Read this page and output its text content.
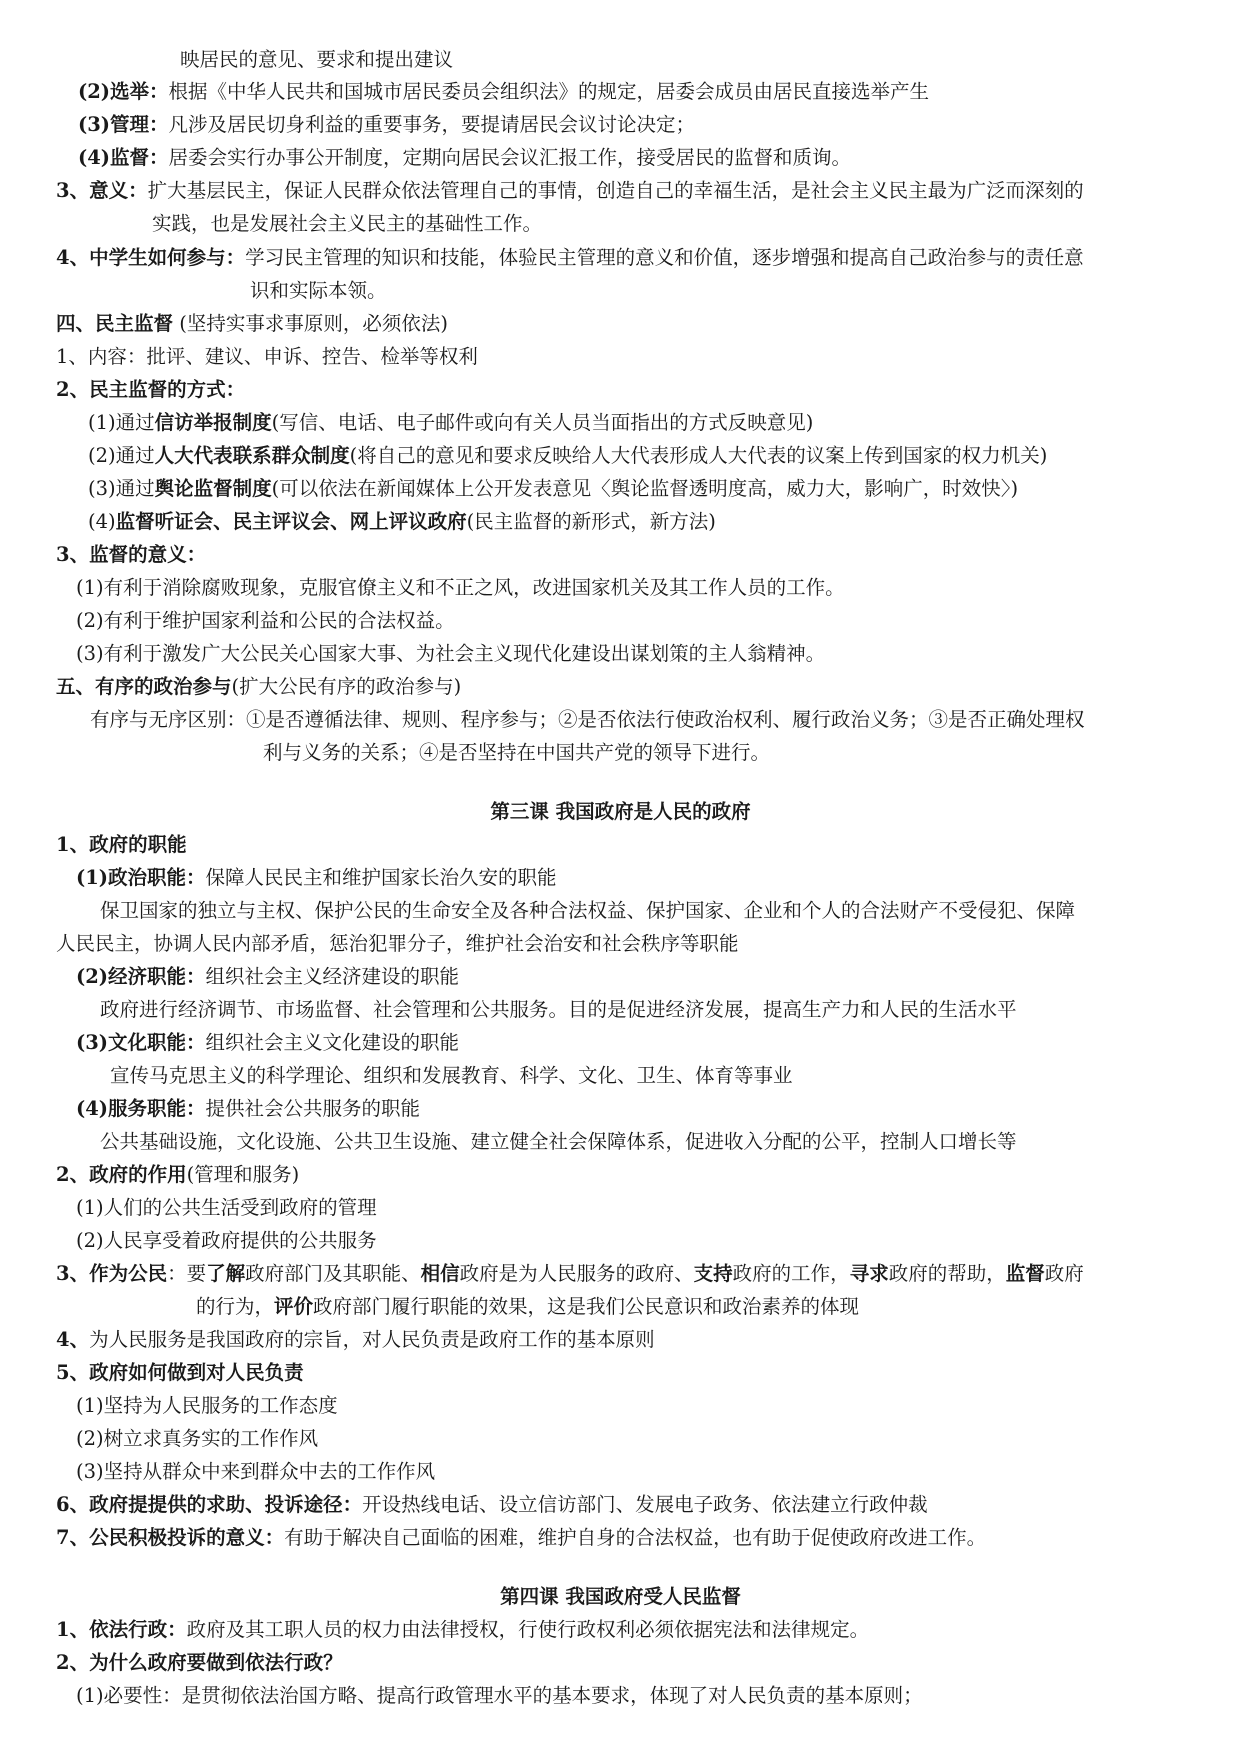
映居民的意见、要求和提出建议
(2)选举：根据《中华人民共和国城市居民委员会组织法》的规定，居委会成员由居民直接选举产生
(3)管理：凡涉及居民切身利益的重要事务，要提请居民会议讨论决定；
(4)监督：居委会实行办事公开制度，定期向居民会议汇报工作，接受居民的监督和质询。
3、意义：扩大基层民主，保证人民群众依法管理自己的事情，创造自己的幸福生活，是社会主义民主最为广泛而深刻的
实践，也是发展社会主义民主的基础性工作。
4、中学生如何参与：学习民主管理的知识和技能，体验民主管理的意义和价值，逐步增强和提高自己政治参与的责任意
识和实际本领。
四、民主监督 (坚持实事求事原则，必须依法)
1、内容：批评、建议、申诉、控告、检举等权利
2、民主监督的方式：
(1)通过信访举报制度(写信、电话、电子邮件或向有关人员当面指出的方式反映意见)
(2)通过人大代表联系群众制度(将自己的意见和要求反映给人大代表形成人大代表的议案上传到国家的权力机关)
(3)通过舆论监督制度(可以依法在新闻媒体上公开发表意见〈舆论监督透明度高，威力大，影响广，时效快〉)
(4)监督听证会、民主评议会、网上评议政府(民主监督的新形式，新方法)
3、监督的意义：
(1)有利于消除腐败现象，克服官僚主义和不正之风，改进国家机关及其工作人员的工作。
(2)有利于维护国家利益和公民的合法权益。
(3)有利于激发广大公民关心国家大事、为社会主义现代化建设出谋划策的主人翁精神。
五、有序的政治参与(扩大公民有序的政治参与)
有序与无序区别：①是否遵循法律、规则、程序参与；②是否依法行使政治权利、履行政治义务；③是否正确处理权
利与义务的关系；④是否坚持在中国共产党的领导下进行。
第三课 我国政府是人民的政府
1、政府的职能
(1)政治职能：保障人民民主和维护国家长治久安的职能
保卫国家的独立与主权、保护公民的生命安全及各种合法权益、保护国家、企业和个人的合法财产不受侵犯、保障
人民民主，协调人民内部矛盾，惩治犯罪分子，维护社会治安和社会秩序等职能
(2)经济职能：组织社会主义经济建设的职能
政府进行经济调节、市场监督、社会管理和公共服务。目的是促进经济发展，提高生产力和人民的生活水平
(3)文化职能：组织社会主义文化建设的职能
宣传马克思主义的科学理论、组织和发展教育、科学、文化、卫生、体育等事业
(4)服务职能：提供社会公共服务的职能
公共基础设施，文化设施、公共卫生设施、建立健全社会保障体系，促进收入分配的公平，控制人口增长等
2、政府的作用(管理和服务)
(1)人们的公共生活受到政府的管理
(2)人民享受着政府提供的公共服务
3、作为公民：要了解政府部门及其职能、相信政府是为人民服务的政府、支持政府的工作，寻求政府的帮助，监督政府
的行为，评价政府部门履行职能的效果，这是我们公民意识和政治素养的体现
4、为人民服务是我国政府的宗旨，对人民负责是政府工作的基本原则
5、政府如何做到对人民负责
(1)坚持为人民服务的工作态度
(2)树立求真务实的工作作风
(3)坚持从群众中来到群众中去的工作作风
6、政府提提供的求助、投诉途径：开设热线电话、设立信访部门、发展电子政务、依法建立行政仲裁
7、公民积极投诉的意义：有助于解决自己面临的困难，维护自身的合法权益，也有助于促使政府改进工作。
第四课 我国政府受人民监督
1、依法行政：政府及其工职人员的权力由法律授权，行使行政权利必须依据宪法和法律规定。
2、为什么政府要做到依法行政？
(1)必要性：是贯彻依法治国方略、提高行政管理水平的基本要求，体现了对人民负责的基本原则；
